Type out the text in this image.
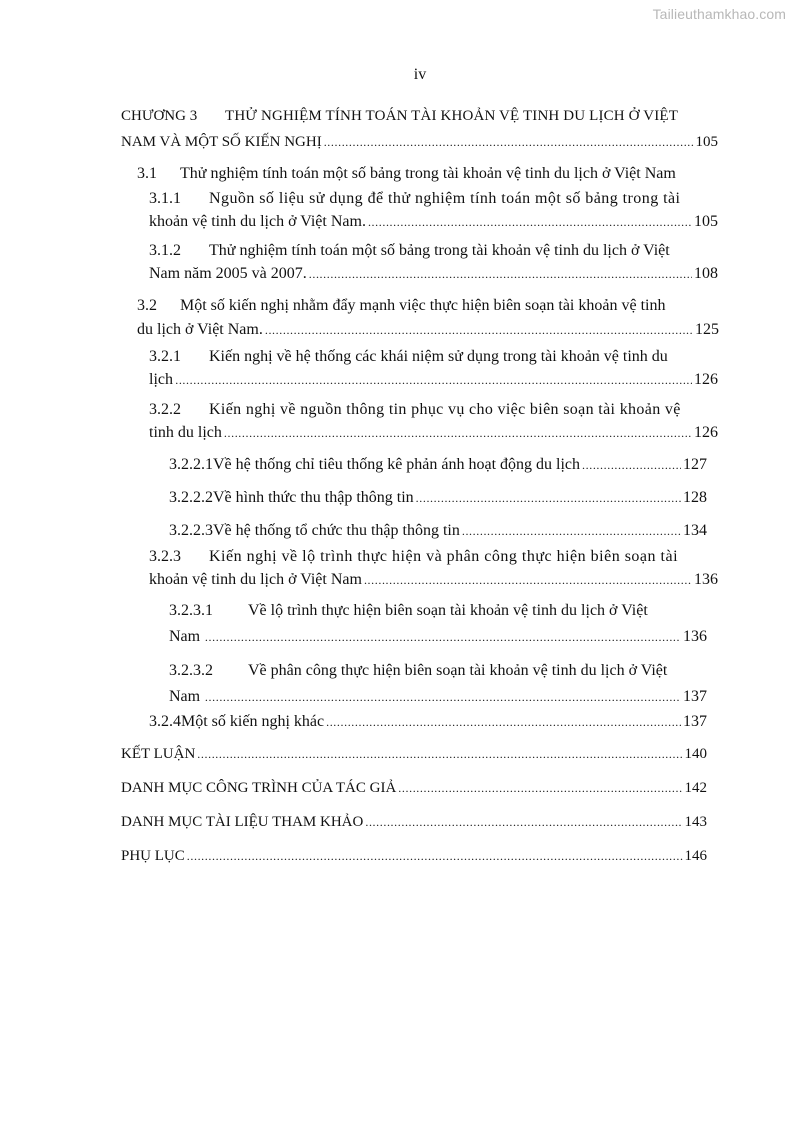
Tailieuthamkhao.com
iv
CHƯƠNG 3	THỬ NGHIỆM TÍNH TOÁN TÀI KHOẢN VỆ TINH DU LỊCH Ở VIỆT
NAM VÀ MỘT SỐ KIẾN NGHỊ .....	105
3.1	Thử nghiệm tính toán một số bảng trong tài khoản vệ tinh du lịch ở Việt Nam
3.1.1	Nguồn số liệu sử dụng để thử nghiệm tính toán một số bảng trong tài
khoản vệ tinh du lịch ở Việt Nam. .....	105
3.1.2	Thử nghiệm tính toán một số bảng trong tài khoản vệ tinh du lịch ở Việt
Nam năm 2005 và 2007. .....	108
3.2	Một số kiến nghị nhằm đẩy mạnh việc thực hiện biên soạn tài khoản vệ tinh
du lịch ở Việt Nam. .....	125
3.2.1	Kiến nghị về hệ thống các khái niệm sử dụng trong tài khoản vệ tinh du
lịch .....	126
3.2.2	Kiến nghị về nguồn thông tin phục vụ cho việc biên soạn tài khoản vệ
tinh du lịch .....	126
3.2.2.1 Về hệ thống chỉ tiêu thống kê phản ánh hoạt động du lịch .....	127
3.2.2.2 Về hình thức thu thập thông tin .....	128
3.2.2.3 Về hệ thống tổ chức thu thập thông tin .....	134
3.2.3	Kiến nghị về lộ trình thực hiện và phân công thực hiện biên soạn tài
khoản vệ tinh du lịch ở Việt Nam .....	136
3.2.3.1	Về lộ trình thực hiện biên soạn tài khoản vệ tinh du lịch ở Việt
Nam .....	136
3.2.3.2	Về phân công thực hiện biên soạn tài khoản vệ tinh du lịch ở Việt
Nam .....	137
3.2.4 Một số kiến nghị khác .....	137
KẾT LUẬN .....	140
DANH MỤC CÔNG TRÌNH CỦA TÁC GIẢ .....	142
DANH MỤC TÀI LIỆU THAM KHẢO .....	143
PHỤ LỤC .....	146
